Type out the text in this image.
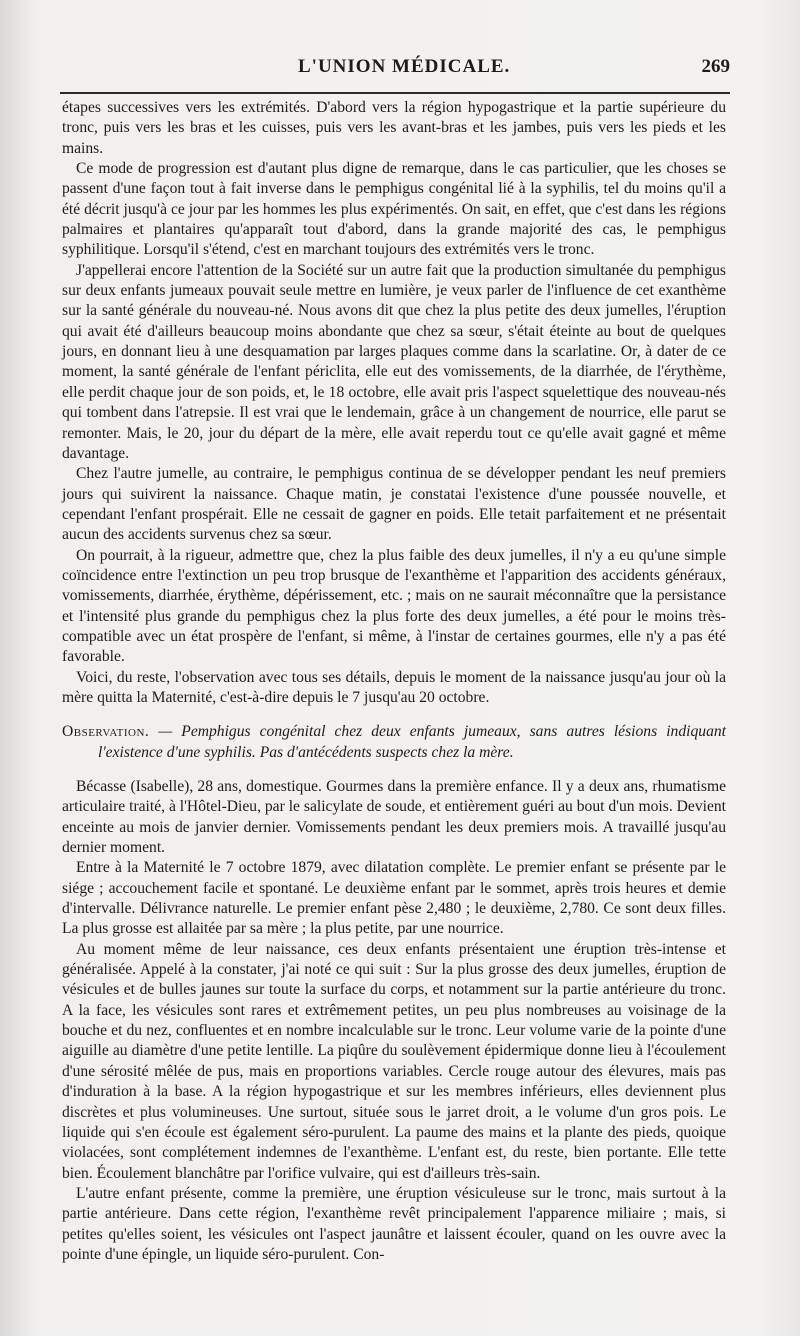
L'UNION MÉDICALE.	269

étapes successives vers les extrémités. D'abord vers la région hypogastrique et la partie supérieure du tronc, puis vers les bras et les cuisses, puis vers les avant-bras et les jambes, puis vers les pieds et les mains.

Ce mode de progression est d'autant plus digne de remarque, dans le cas particulier, que les choses se passent d'une façon tout à fait inverse dans le pemphigus congénital lié à la syphilis, tel du moins qu'il a été décrit jusqu'à ce jour par les hommes les plus expérimentés. On sait, en effet, que c'est dans les régions palmaires et plantaires qu'apparaît tout d'abord, dans la grande majorité des cas, le pemphigus syphilitique. Lorsqu'il s'étend, c'est en marchant toujours des extrémités vers le tronc.

J'appellerai encore l'attention de la Société sur un autre fait que la production simultanée du pemphigus sur deux enfants jumeaux pouvait seule mettre en lumière, je veux parler de l'influence de cet exanthème sur la santé générale du nouveau-né. Nous avons dit que chez la plus petite des deux jumelles, l'éruption qui avait été d'ailleurs beaucoup moins abondante que chez sa sœur, s'était éteinte au bout de quelques jours, en donnant lieu à une desquamation par larges plaques comme dans la scarlatine. Or, à dater de ce moment, la santé générale de l'enfant périclita, elle eut des vomissements, de la diarrhée, de l'érythème, elle perdit chaque jour de son poids, et, le 18 octobre, elle avait pris l'aspect squelettique des nouveau-nés qui tombent dans l'atrepsie. Il est vrai que le lendemain, grâce à un changement de nourrice, elle parut se remonter. Mais, le 20, jour du départ de la mère, elle avait reperdu tout ce qu'elle avait gagné et même davantage.

Chez l'autre jumelle, au contraire, le pemphigus continua de se développer pendant les neuf premiers jours qui suivirent la naissance. Chaque matin, je constatai l'existence d'une poussée nouvelle, et cependant l'enfant prospérait. Elle ne cessait de gagner en poids. Elle tetait parfaitement et ne présentait aucun des accidents survenus chez sa sœur.

On pourrait, à la rigueur, admettre que, chez la plus faible des deux jumelles, il n'y a eu qu'une simple coïncidence entre l'extinction un peu trop brusque de l'exanthème et l'apparition des accidents généraux, vomissements, diarrhée, érythème, dépérissement, etc. ; mais on ne saurait méconnaître que la persistance et l'intensité plus grande du pemphigus chez la plus forte des deux jumelles, a été pour le moins très-compatible avec un état prospère de l'enfant, si même, à l'instar de certaines gourmes, elle n'y a pas été favorable.

Voici, du reste, l'observation avec tous ses détails, depuis le moment de la naissance jusqu'au jour où la mère quitta la Maternité, c'est-à-dire depuis le 7 jusqu'au 20 octobre.

Observation. — Pemphigus congénital chez deux enfants jumeaux, sans autres lésions indiquant l'existence d'une syphilis. Pas d'antécédents suspects chez la mère.

Bécasse (Isabelle), 28 ans, domestique. Gourmes dans la première enfance. Il y a deux ans, rhumatisme articulaire traité, à l'Hôtel-Dieu, par le salicylate de soude, et entièrement guéri au bout d'un mois. Devient enceinte au mois de janvier dernier. Vomissements pendant les deux premiers mois. A travaillé jusqu'au dernier moment.

Entre à la Maternité le 7 octobre 1879, avec dilatation complète. Le premier enfant se présente par le siége ; accouchement facile et spontané. Le deuxième enfant par le sommet, après trois heures et demie d'intervalle. Délivrance naturelle. Le premier enfant pèse 2,480 ; le deuxième, 2,780. Ce sont deux filles. La plus grosse est allaitée par sa mère ; la plus petite, par une nourrice.

Au moment même de leur naissance, ces deux enfants présentaient une éruption très-intense et généralisée. Appelé à la constater, j'ai noté ce qui suit : Sur la plus grosse des deux jumelles, éruption de vésicules et de bulles jaunes sur toute la surface du corps, et notamment sur la partie antérieure du tronc. A la face, les vésicules sont rares et extrêmement petites, un peu plus nombreuses au voisinage de la bouche et du nez, confluentes et en nombre incalculable sur le tronc. Leur volume varie de la pointe d'une aiguille au diamètre d'une petite lentille. La piqûre du soulèvement épidermique donne lieu à l'écoulement d'une sérosité mêlée de pus, mais en proportions variables. Cercle rouge autour des élevures, mais pas d'induration à la base. A la région hypogastrique et sur les membres inférieurs, elles deviennent plus discrètes et plus volumineuses. Une surtout, située sous le jarret droit, a le volume d'un gros pois. Le liquide qui s'en écoule est également séro-purulent. La paume des mains et la plante des pieds, quoique violacées, sont complétement indemnes de l'exanthème. L'enfant est, du reste, bien portante. Elle tette bien. Écoulement blanchâtre par l'orifice vulvaire, qui est d'ailleurs très-sain.

L'autre enfant présente, comme la première, une éruption vésiculeuse sur le tronc, mais surtout à la partie antérieure. Dans cette région, l'exanthème revêt principalement l'apparence miliaire ; mais, si petites qu'elles soient, les vésicules ont l'aspect jaunâtre et laissent écouler, quand on les ouvre avec la pointe d'une épingle, un liquide séro-purulent. Con-
